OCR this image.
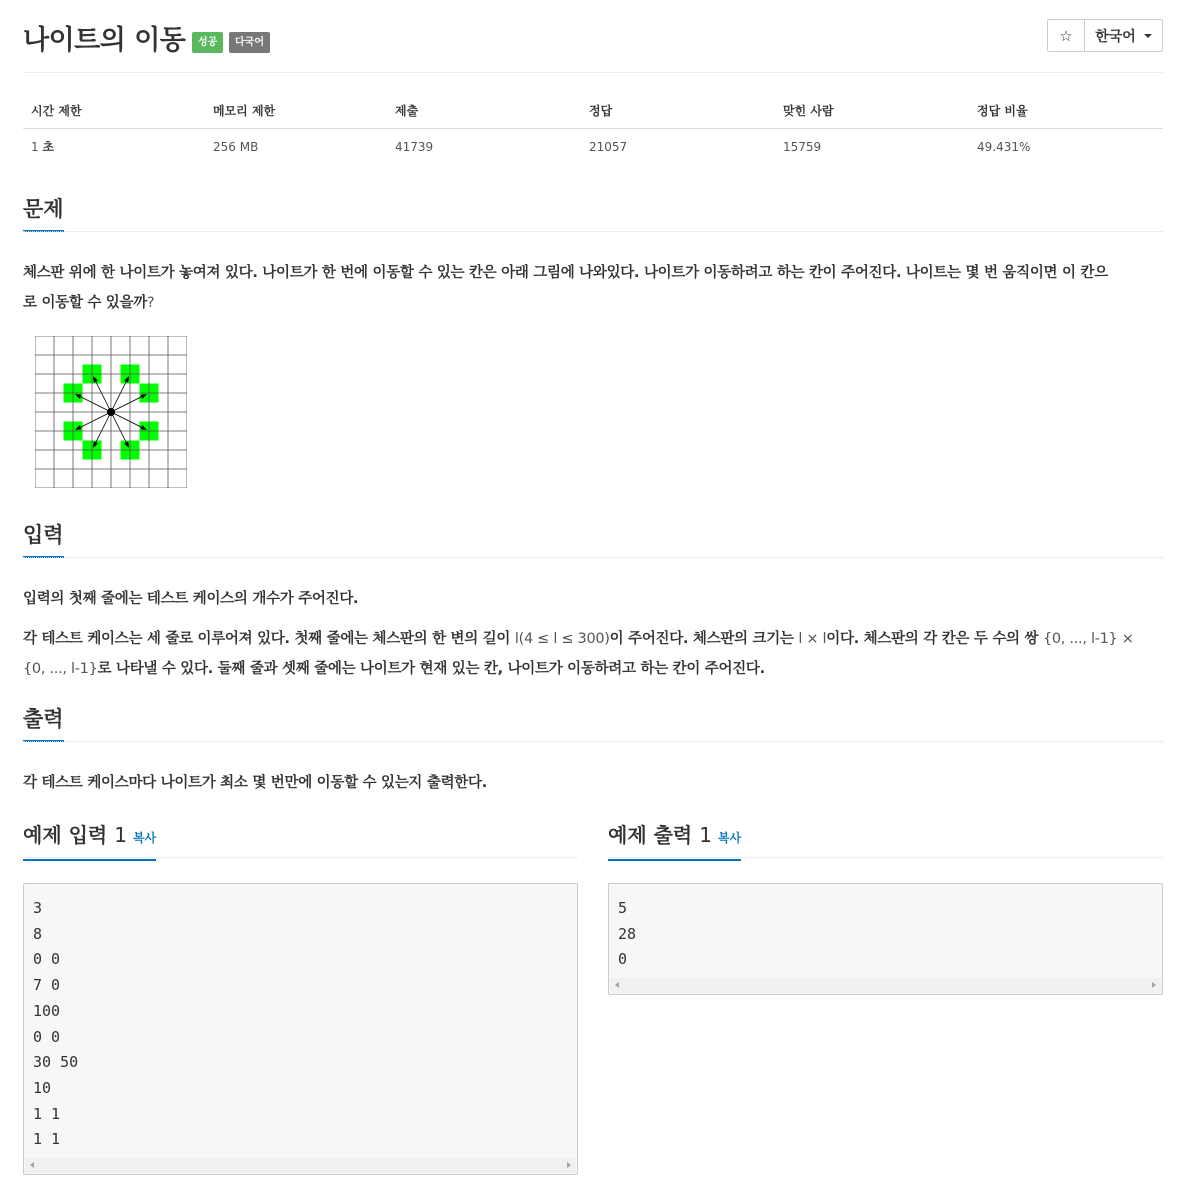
나이트의 이동	성공	다국어	☆ 한국어
시간 제한	메모리 제한	제출	정답	맞힌 사람	정답 비율
1 초	256 MB	41739	21057	15759	49.431%
문제
체스판 위에 한 나이트가 놓여져 있다. 나이트가 한 번에 이동할 수 있는 칸은 아래 그림에 나와있다. 나이트가 이동하려고 하는 칸이 주어진다. 나이트는 몇 번 움직이면 이 칸으
로 이동할 수 있을까?
입력
입력의 첫째 줄에는 테스트 케이스의 개수가 주어진다.
각 테스트 케이스는 세 줄로 이루어져 있다. 첫째 줄에는 체스판의 한 변의 길이 l(4 ≤ l ≤ 300)이 주어진다. 체스판의 크기는 l × l이다. 체스판의 각 칸은 두 수의 쌍 {0, ..., l-1} ×
{0, ..., l-1}로 나타낼 수 있다. 둘째 줄과 셋째 줄에는 나이트가 현재 있는 칸, 나이트가 이동하려고 하는 칸이 주어진다.
출력
각 테스트 케이스마다 나이트가 최소 몇 번만에 이동할 수 있는지 출력한다.
예제 입력 1 복사
3
8
0 0
7 0
100
0 0
30 50
10
1 1
1 1
예제 출력 1 복사
5
28
0
